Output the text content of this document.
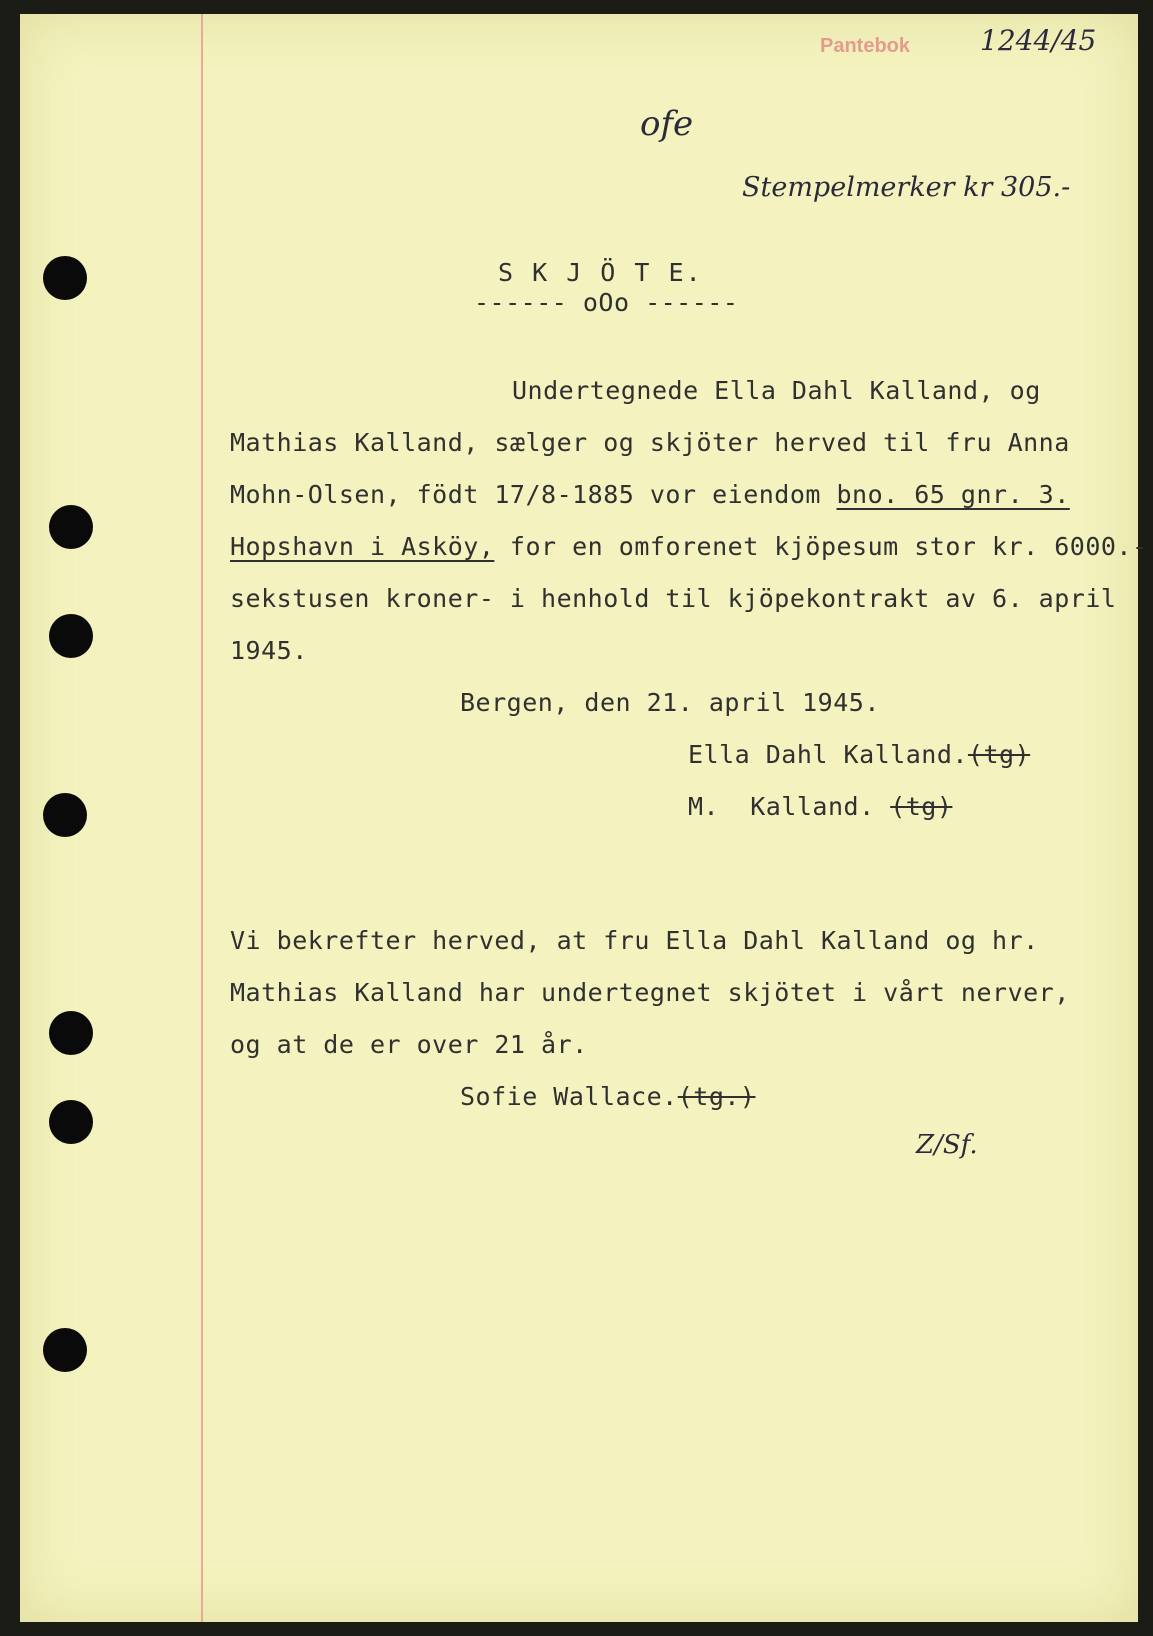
Pantebok 1244/45
ofe
Stempelmerker kr 305.-
S K J Ö T E.
------ oOo ------
Undertegnede Ella Dahl Kalland, og
Mathias Kalland, sælger og skjöter herved til fru Anna
Mohn-Olsen, födt 17/8-1885 vor eiendom bno. 65 gnr. 3.
Hopshavn i Asköy, for en omforenet kjöpesum stor kr. 6000.-
sekstusen kroner- i henhold til kjöpekontrakt av 6. april
1945.
Bergen, den 21. april 1945.
Ella Dahl Kalland.(tg)
M.  Kalland. (tg)
Vi bekrefter herved, at fru Ella Dahl Kalland og hr.
Mathias Kalland har undertegnet skjötet i vårt nerver,
og at de er over 21 år.
Sofie Wallace.(tg.)
Z/Sf.
